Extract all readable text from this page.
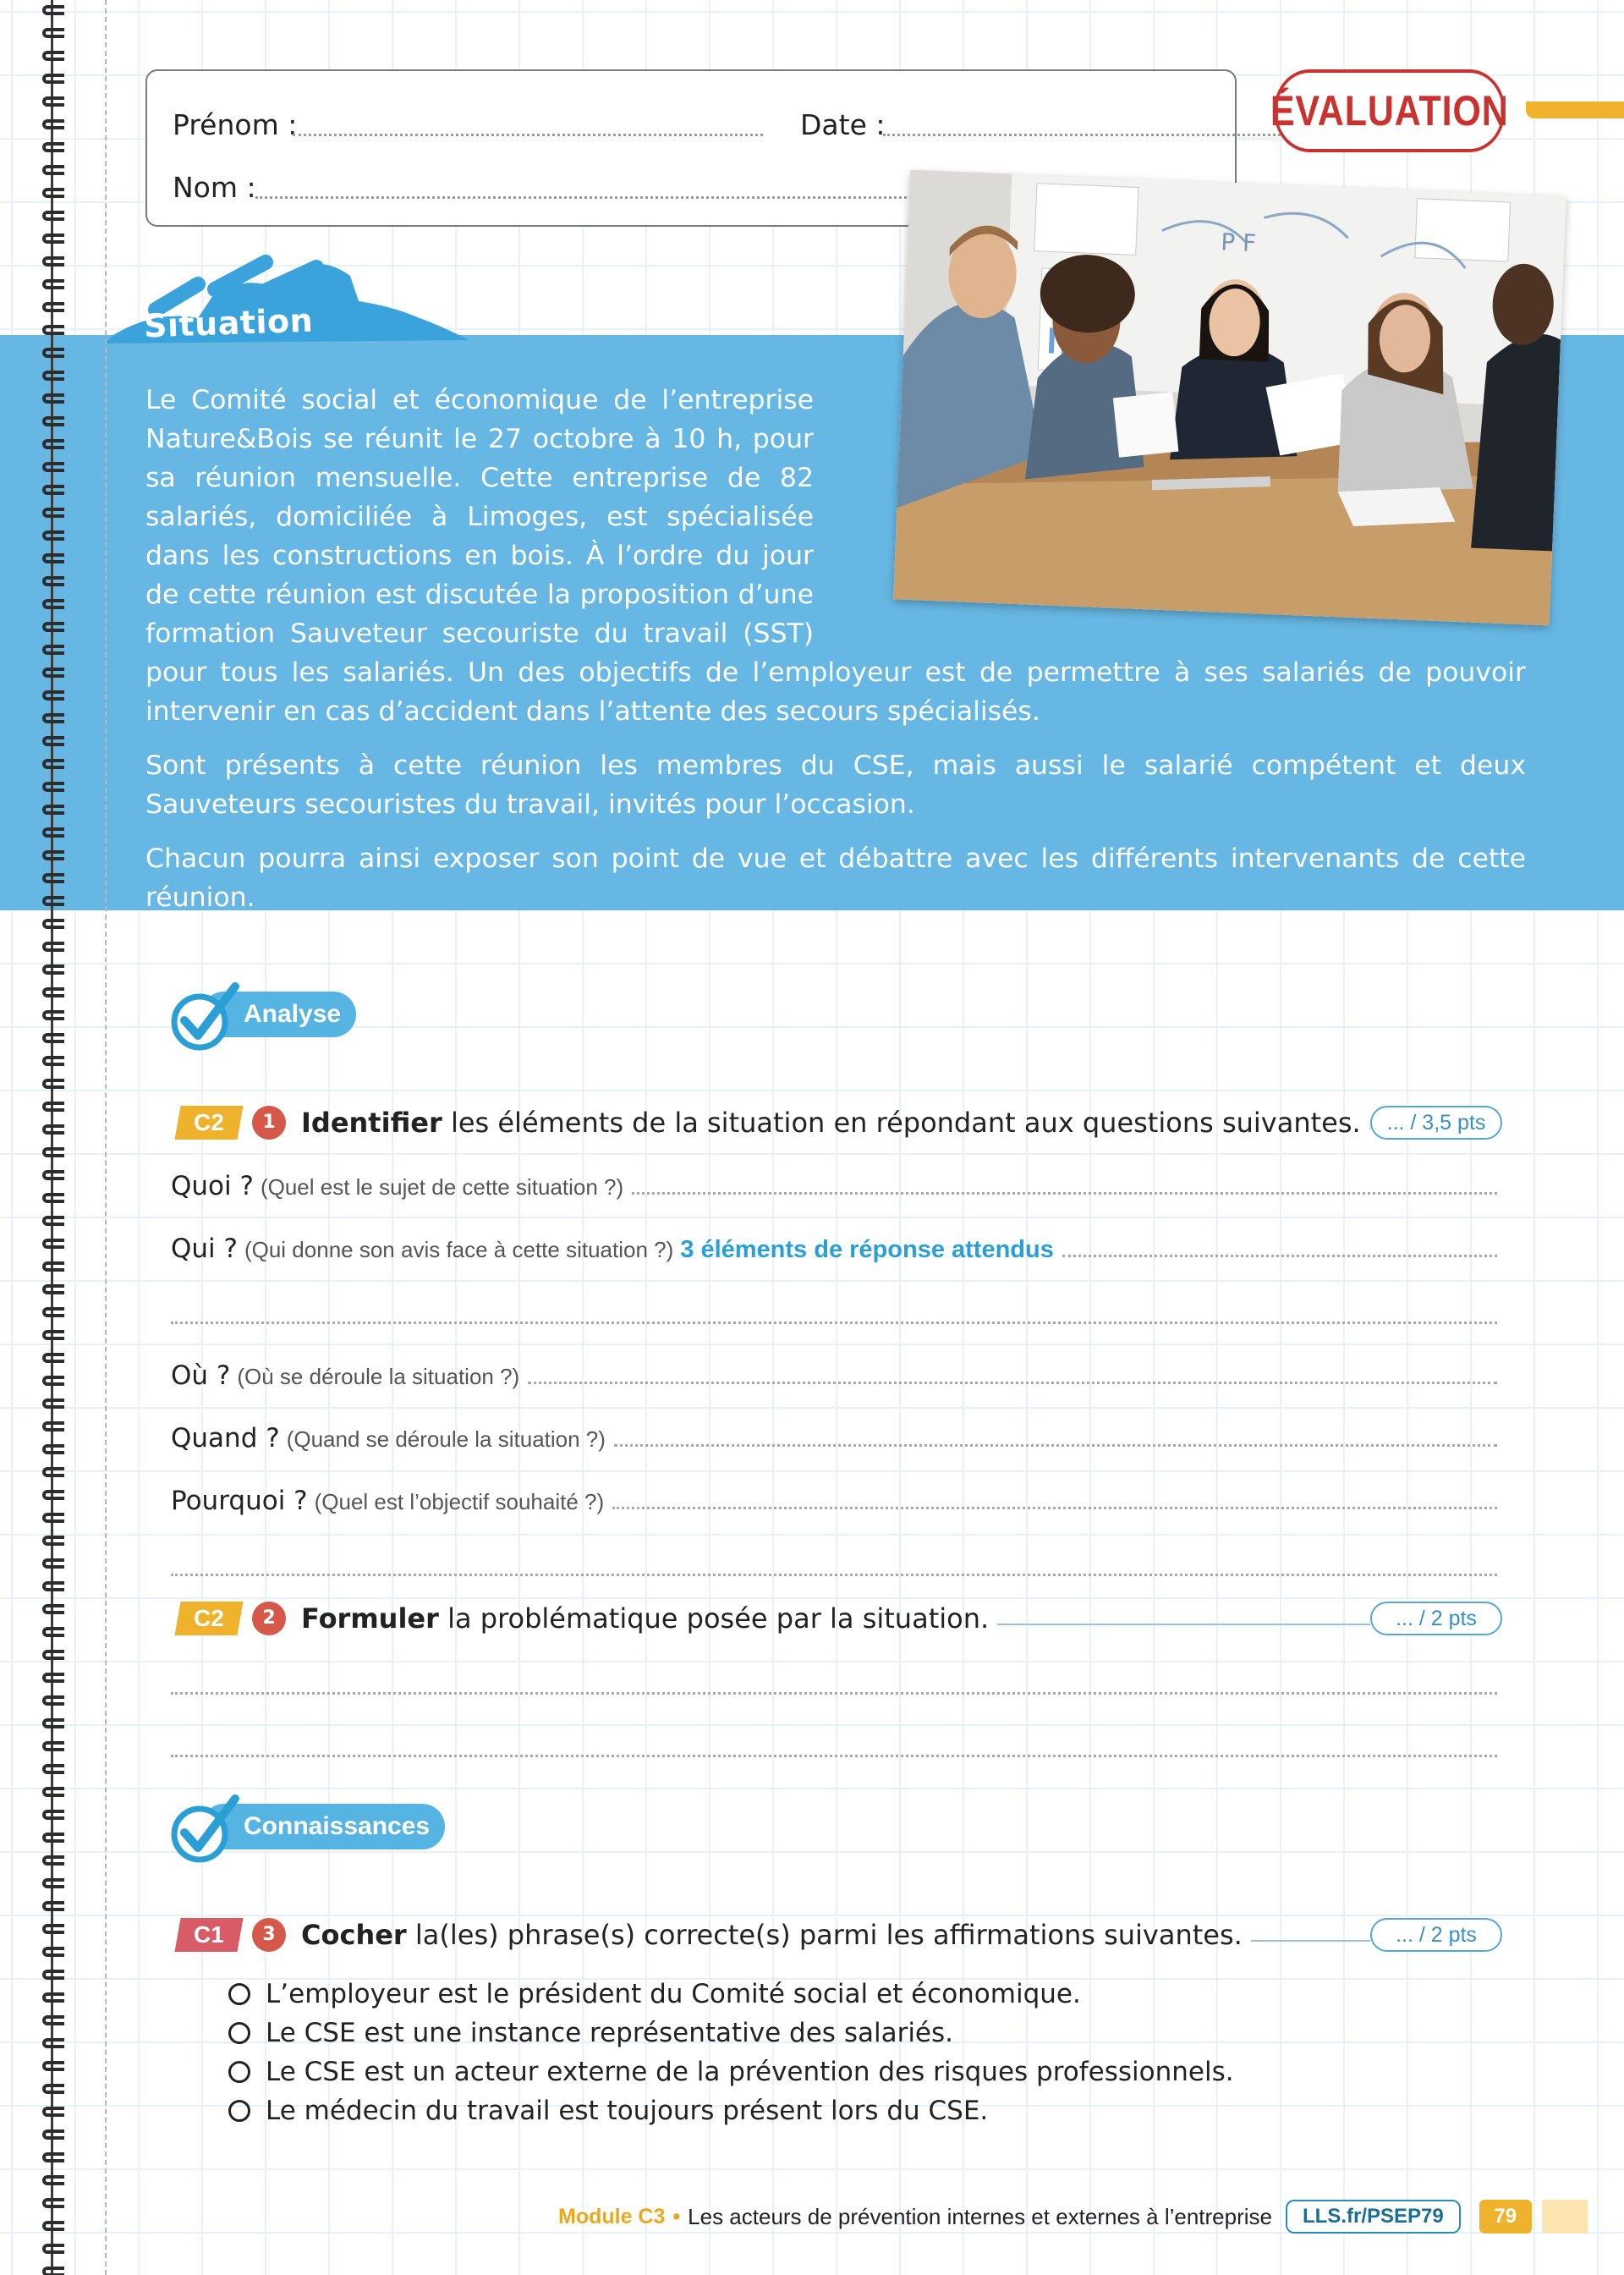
Prénom :	Date :
Nom :
ÉVALUATION
Situation

Le Comité social et économique de l’entreprise Nature&Bois se réunit le 27 octobre à 10 h, pour sa réunion mensuelle. Cette entreprise de 82 salariés, domiciliée à Limoges, est spécialisée dans les constructions en bois. À l’ordre du jour de cette réunion est discutée la proposition d’une formation Sauveteur secouriste du travail (SST) pour tous les salariés. Un des objectifs de l’employeur est de permettre à ses salariés de pouvoir intervenir en cas d’accident dans l’attente des secours spécialisés.

Sont présents à cette réunion les membres du CSE, mais aussi le salarié compétent et deux Sauveteurs secouristes du travail, invités pour l’occasion.

Chacun pourra ainsi exposer son point de vue et débattre avec les différents intervenants de cette réunion.

P F
Analyse
C2	1 Identifier les éléments de la situation en répondant aux questions suivantes.	... / 3,5 pts
Quoi ? (Quel est le sujet de cette situation ?)
Qui ? (Qui donne son avis face à cette situation ?) 3 éléments de réponse attendus
Où ? (Où se déroule la situation ?)
Quand ? (Quand se déroule la situation ?)
Pourquoi ? (Quel est l’objectif souhaité ?)
C2	2 Formuler la problématique posée par la situation.	... / 2 pts
Connaissances
C1	3 Cocher la(les) phrase(s) correcte(s) parmi les affirmations suivantes.	... / 2 pts
L’employeur est le président du Comité social et économique.
Le CSE est une instance représentative des salariés.
Le CSE est un acteur externe de la prévention des risques professionnels.
Le médecin du travail est toujours présent lors du CSE.
Module C3 • Les acteurs de prévention internes et externes à l’entreprise	LLS.fr/PSEP79	79
